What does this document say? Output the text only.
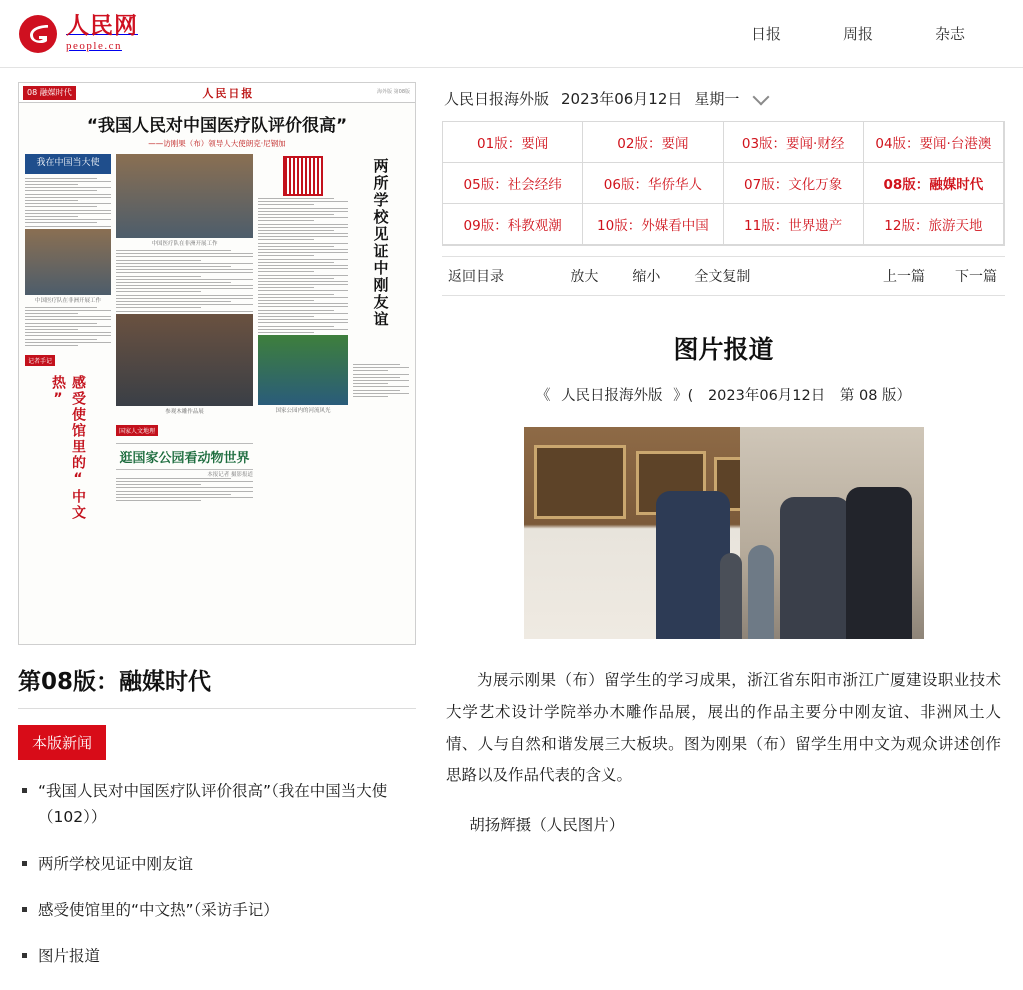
人民网
people.cn
日报	周报	杂志
08 融媒时代	人民日报	海外版 第08版
“我国人民对中国医疗队评价很高”
——访刚果（布）领导人大使朗克·尼钢加
我在中国当大使
中国医疗队在非洲开展工作
记者手记
感受使馆里的“中文热”
中国医疗队在非洲开展工作
参观木雕作品展
国家人文地理
逛国家公园看动物世界
本报记者 摄影报道
国家公园内的河流风光
两所学校见证中刚友谊
第08版：融媒时代
本版新闻
“我国人民对中国医疗队评价很高”（我在中国当大使（102））
两所学校见证中刚友谊
感受使馆里的“中文热”（采访手记）
图片报道
人民日报海外版 2023年06月12日 星期一
01版：要闻	02版：要闻	03版：要闻·财经	04版：要闻·台港澳
05版：社会经纬	06版：华侨华人	07版：文化万象	08版：融媒时代
09版：科教观潮	10版：外媒看中国	11版：世界遗产	12版：旅游天地
返回目录	放大 缩小 全文复制	上一篇 下一篇
图片报道
《 人民日报海外版 》( 2023年06月12日 第 08 版）

为展示刚果（布）留学生的学习成果，浙江省东阳市浙江广厦建设职业技术大学艺术设计学院举办木雕作品展，展出的作品主要分中刚友谊、非洲风土人情、人与自然和谐发展三大板块。图为刚果（布）留学生用中文为观众讲述创作思路以及作品代表的含义。

胡扬辉摄（人民图片）
